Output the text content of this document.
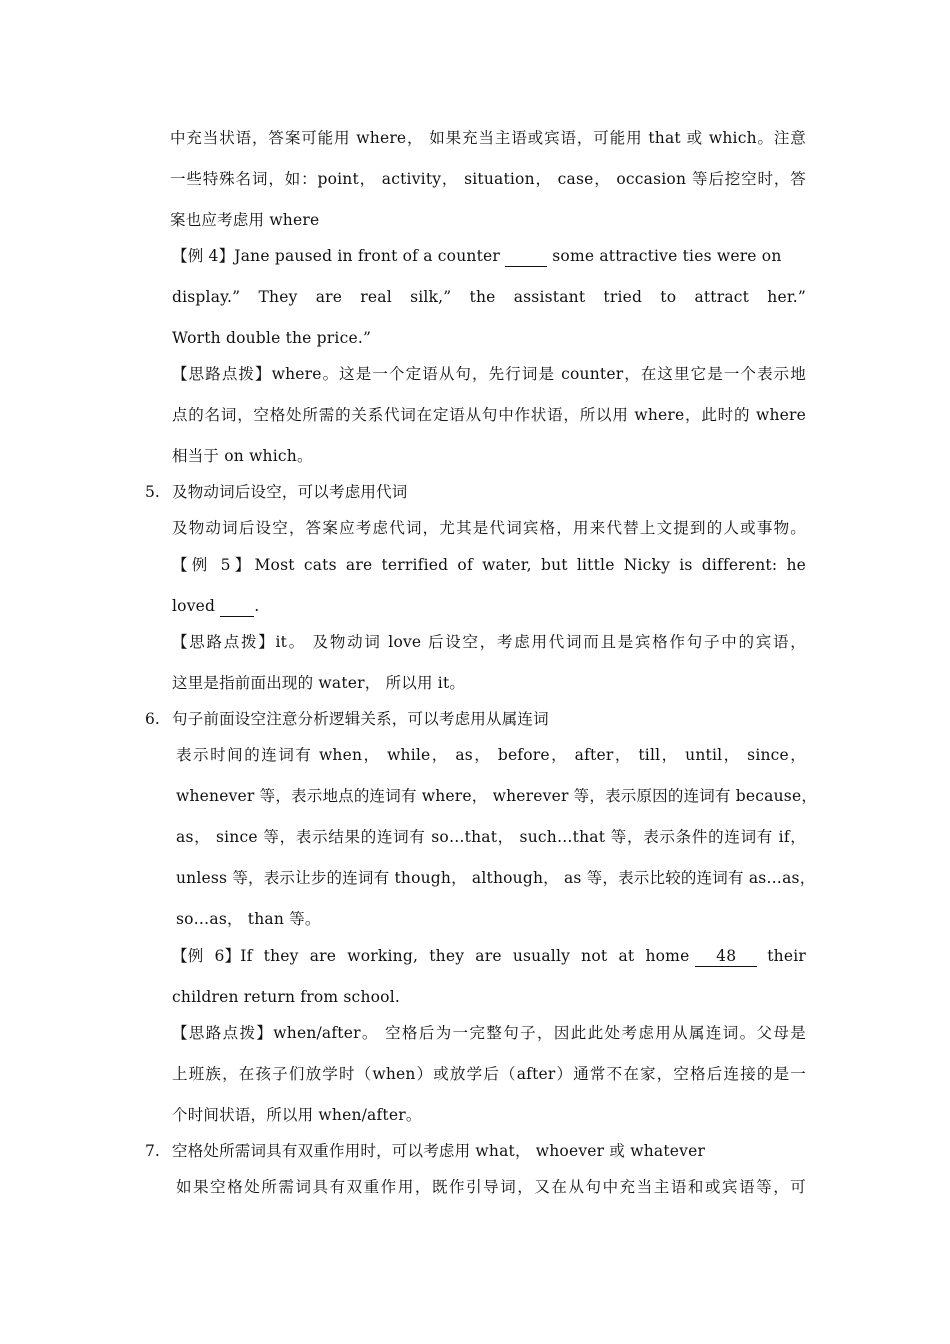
中充当状语，答案可能用 where， 如果充当主语或宾语，可能用 that 或 which。注意
一些特殊名词，如：point， activity， situation， case， occasion 等后挖空时，答
案也应考虑用 where
【例 4】Jane paused in front of a counter	some attractive ties were on
display.” They are real silk,” the assistant tried to attract her.”
Worth double the price.”
【思路点拨】where。这是一个定语从句，先行词是 counter，在这里它是一个表示地
点的名词，空格处所需的关系代词在定语从句中作状语，所以用 where，此时的 where
相当于 on which。
5. 及物动词后设空，可以考虑用代词
及物动词后设空，答案应考虑代词，尤其是代词宾格，用来代替上文提到的人或事物。
【例 5】Most cats are terrified of water, but little Nicky is different: he
loved	.
【思路点拨】it。 及物动词 love 后设空，考虑用代词而且是宾格作句子中的宾语，
这里是指前面出现的 water， 所以用 it。
6. 句子前面设空注意分析逻辑关系，可以考虑用从属连词
表示时间的连词有 when， while， as， before， after， till， until， since，
whenever 等，表示地点的连词有 where， wherever 等，表示原因的连词有 because，
as， since 等，表示结果的连词有 so…that， such…that 等，表示条件的连词有 if，
unless 等，表示让步的连词有 though， although， as 等，表示比较的连词有 as…as，
so…as， than 等。
【例 6】If they are working, they are usually not at home	48	their
children return from school.
【思路点拨】when/after。 空格后为一完整句子，因此此处考虑用从属连词。父母是
上班族，在孩子们放学时（when）或放学后（after）通常不在家，空格后连接的是一
个时间状语，所以用 when/after。
7. 空格处所需词具有双重作用时，可以考虑用 what， whoever 或 whatever
如果空格处所需词具有双重作用，既作引导词，又在从句中充当主语和或宾语等，可
